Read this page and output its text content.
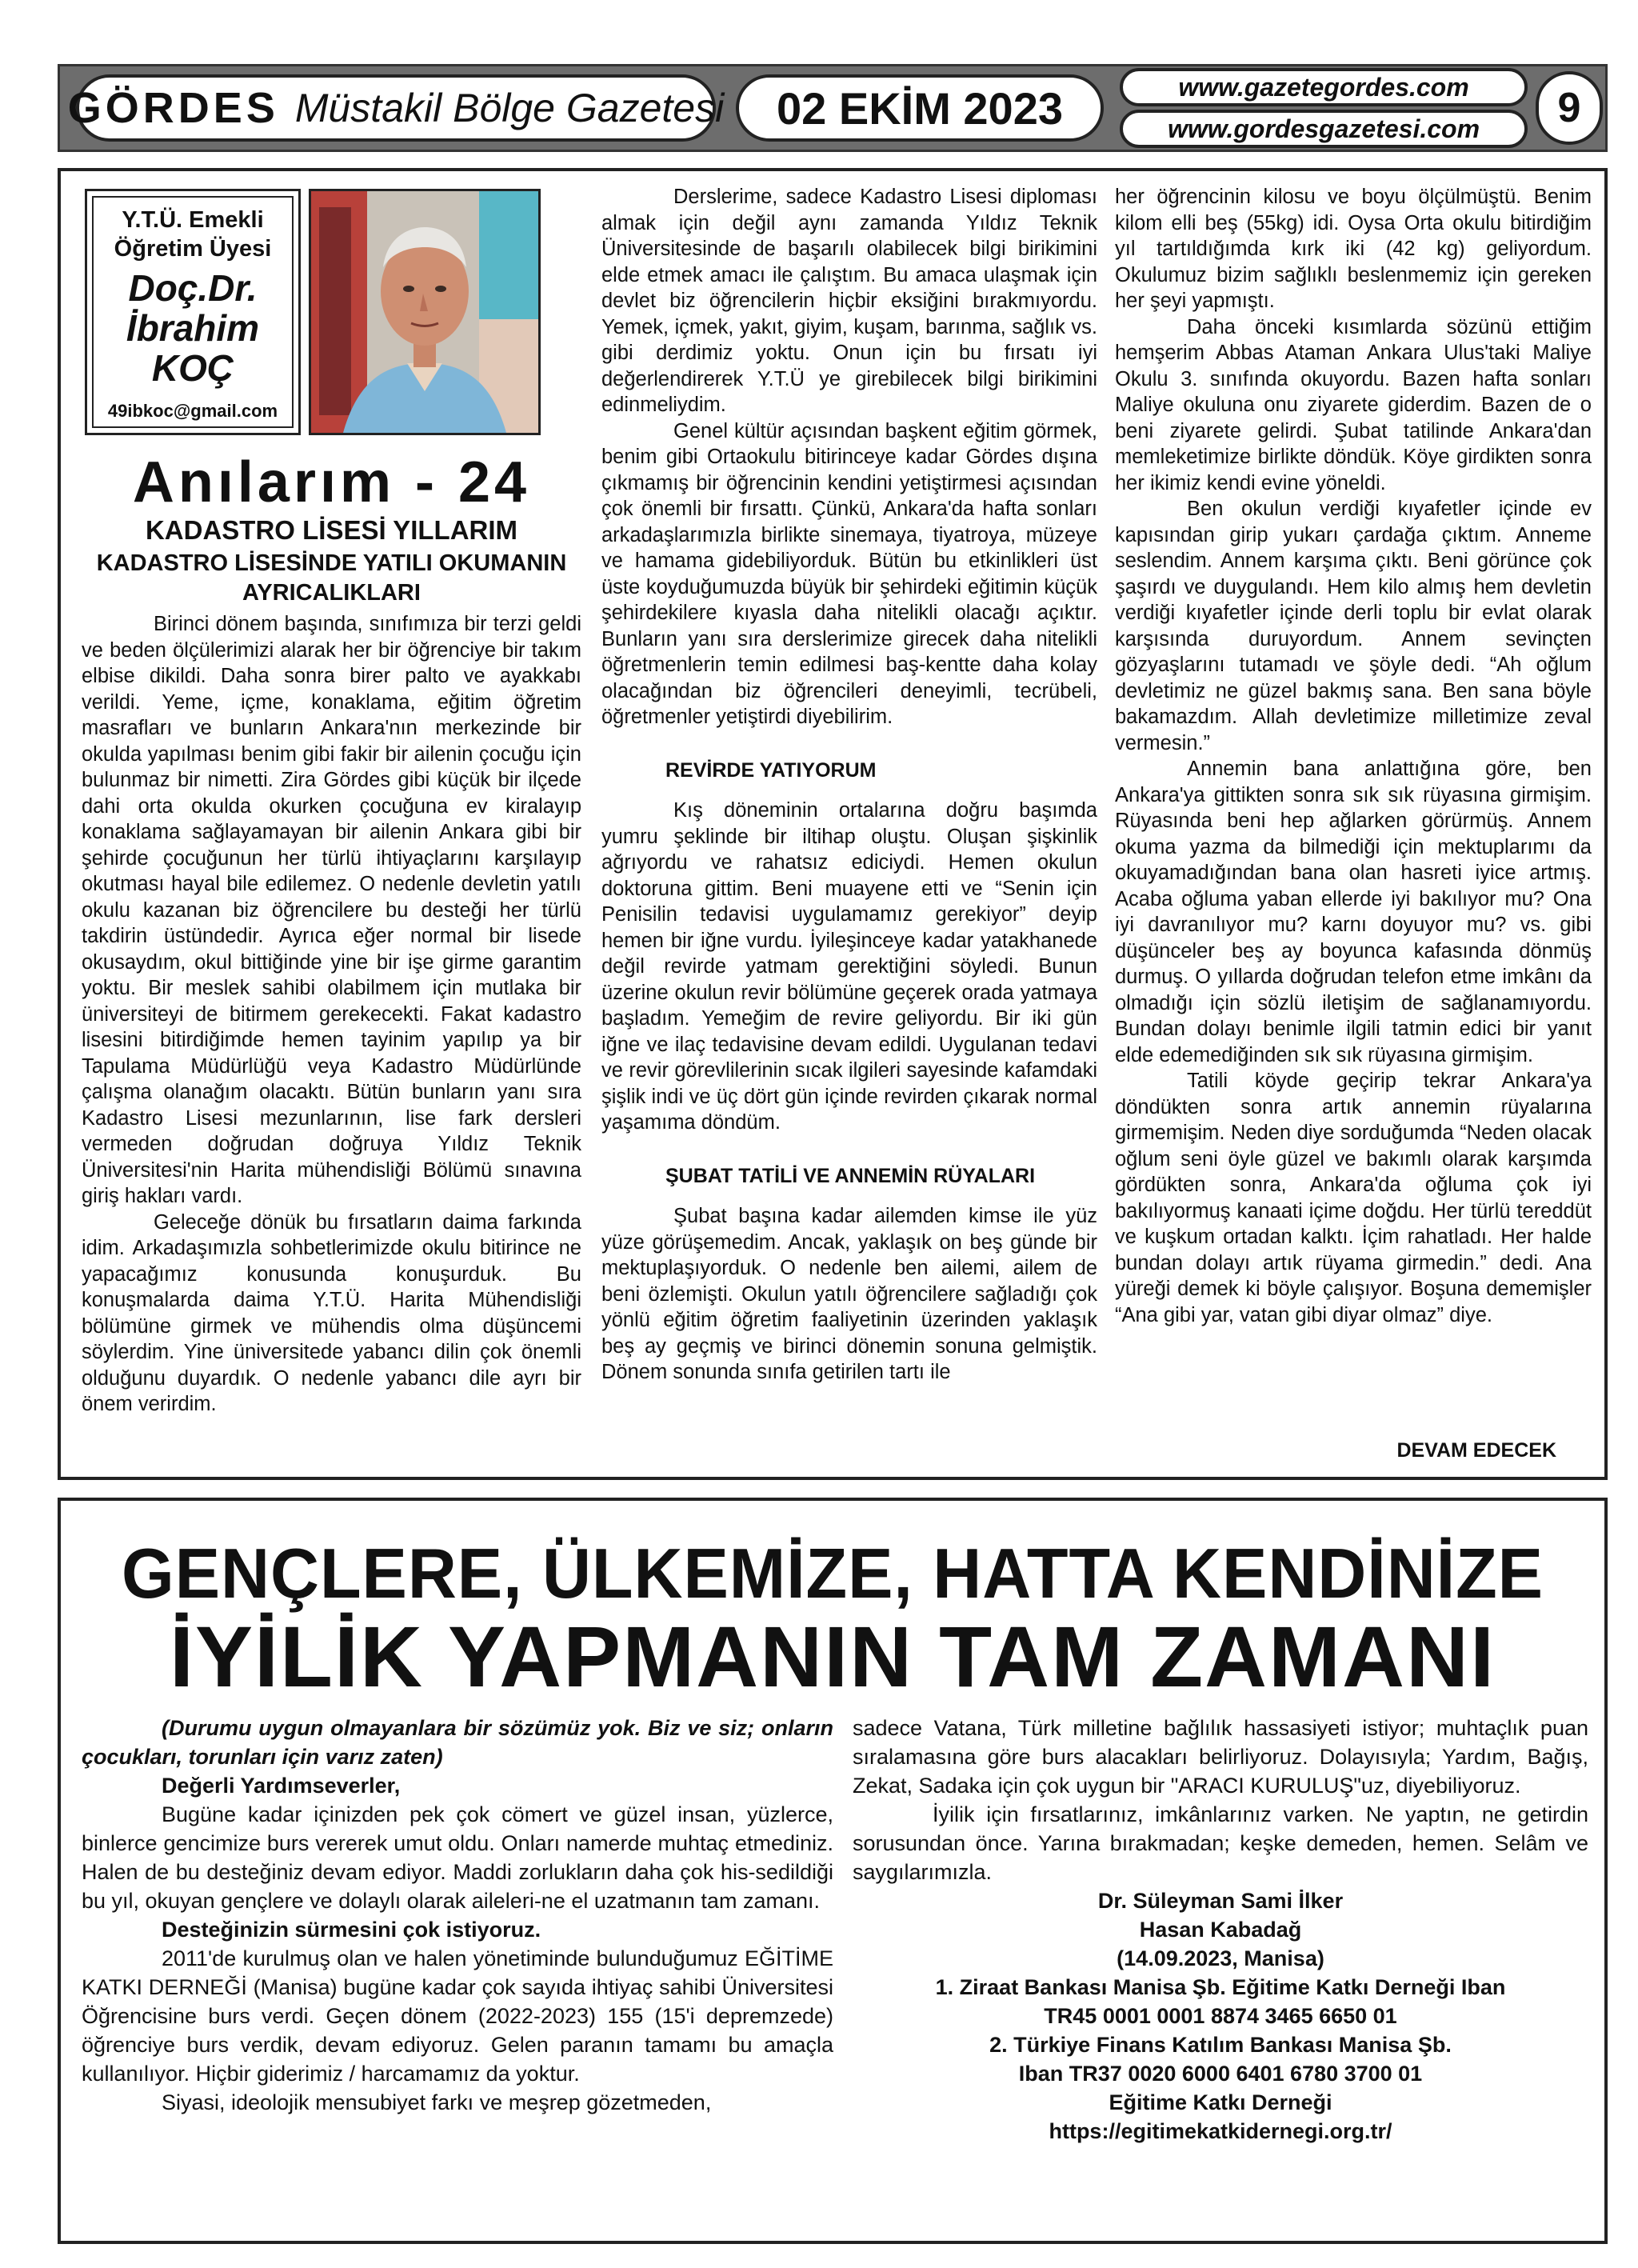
GÖRDES Müstakil Bölge Gazetesi	02 EKİM 2023	www.gazetegordes.com
www.gordesgazetesi.com	9
Y.T.Ü. Emekli
Öğretim Üyesi
Doç.Dr.
İbrahim
KOÇ
49ibkoc@gmail.com
Anılarım - 24
KADASTRO LİSESİ YILLARIM
KADASTRO LİSESİNDE YATILI OKUMANIN AYRICALIKLARI

Birinci dönem başında, sınıfımıza bir terzi geldi ve beden ölçülerimizi alarak her bir öğrenciye bir takım elbise dikildi. Daha sonra birer palto ve ayakkabı verildi. Yeme, içme, konaklama, eğitim öğretim masrafları ve bunların Ankara'nın merkezinde bir okulda yapılması benim gibi fakir bir ailenin çocuğu için bulunmaz bir nimetti. Zira Gördes gibi küçük bir ilçede dahi orta okulda okurken çocuğuna ev kiralayıp konaklama sağlayamayan bir ailenin Ankara gibi bir şehirde çocuğunun her türlü ihtiyaçlarını karşılayıp okutması hayal bile edilemez. O nedenle devletin yatılı okulu kazanan biz öğrencilere bu desteği her türlü takdirin üstündedir. Ayrıca eğer normal bir lisede okusaydım, okul bittiğinde yine bir işe girme garantim yoktu. Bir meslek sahibi olabilmem için mutlaka bir üniversiteyi de bitirmem gerekecekti. Fakat kadastro lisesini bitirdiğimde hemen tayinim yapılıp ya bir Tapulama Müdürlüğü veya Kadastro Müdürlünde çalışma olanağım olacaktı. Bütün bunların yanı sıra Kadastro Lisesi mezunlarının, lise fark dersleri vermeden doğrudan doğruya Yıldız Teknik Üniversitesi'nin Harita mühendisliği Bölümü sınavına giriş hakları vardı.

Geleceğe dönük bu fırsatların daima farkında idim. Arkadaşımızla sohbetlerimizde okulu bitirince ne yapacağımız konusunda konuşurduk. Bu konuşmalarda daima Y.T.Ü. Harita Mühendisliği bölümüne girmek ve mühendis olma düşüncemi söylerdim. Yine üniversitede yabancı dilin çok önemli olduğunu duyardık. O nedenle yabancı dile ayrı bir önem verirdim.

Derslerime, sadece Kadastro Lisesi diploması almak için değil aynı zamanda Yıldız Teknik Üniversitesinde de başarılı olabilecek bilgi birikimini elde etmek amacı ile çalıştım. Bu amaca ulaşmak için devlet biz öğrencilerin hiçbir eksiğini bırakmıyordu. Yemek, içmek, yakıt, giyim, kuşam, barınma, sağlık vs. gibi derdimiz yoktu. Onun için bu fırsatı iyi değerlendirerek Y.T.Ü ye girebilecek bilgi birikimini edinmeliydim.

Genel kültür açısından başkent eğitim görmek, benim gibi Ortaokulu bitirinceye kadar Gördes dışına çıkmamış bir öğrencinin kendini yetiştirmesi açısından çok önemli bir fırsattı. Çünkü, Ankara'da hafta sonları arkadaşlarımızla birlikte sinemaya, tiyatroya, müzeye ve hamama gidebiliyorduk. Bütün bu etkinlikleri üst üste koyduğumuzda büyük bir şehirdeki eğitimin küçük şehirdekilere kıyasla daha nitelikli olacağı açıktır. Bunların yanı sıra derslerimize girecek daha nitelikli öğretmenlerin temin edilmesi baş-kentte daha kolay olacağından biz öğrencileri deneyimli, tecrübeli, öğretmenler yetiştirdi diyebilirim.

REVİRDE YATIYORUM

Kış döneminin ortalarına doğru başımda yumru şeklinde bir iltihap oluştu. Oluşan şişkinlik ağrıyordu ve rahatsız ediciydi. Hemen okulun doktoruna gittim. Beni muayene etti ve “Senin için Penisilin tedavisi uygulamamız gerekiyor” deyip hemen bir iğne vurdu. İyileşinceye kadar yatakhanede değil revirde yatmam gerektiğini söyledi. Bunun üzerine okulun revir bölümüne geçerek orada yatmaya başladım. Yemeğim de revire geliyordu. Bir iki gün iğne ve ilaç tedavisine devam edildi. Uygulanan tedavi ve revir görevlilerinin sıcak ilgileri sayesinde kafamdaki şişlik indi ve üç dört gün içinde revirden çıkarak normal yaşamıma döndüm.

ŞUBAT TATİLİ VE ANNEMİN RÜYALARI

Şubat başına kadar ailemden kimse ile yüz yüze görüşemedim. Ancak, yaklaşık on beş günde bir mektuplaşıyorduk. O nedenle ben ailemi, ailem de beni özlemişti. Okulun yatılı öğrencilere sağladığı çok yönlü eğitim öğretim faaliyetinin üzerinden yaklaşık beş ay geçmiş ve birinci dönemin sonuna gelmiştik. Dönem sonunda sınıfa getirilen tartı ile

her öğrencinin kilosu ve boyu ölçülmüştü. Benim kilom elli beş (55kg) idi. Oysa Orta okulu bitirdiğim yıl tartıldığımda kırk iki (42 kg) geliyordum. Okulumuz bizim sağlıklı beslenmemiz için gereken her şeyi yapmıştı.

Daha önceki kısımlarda sözünü ettiğim hemşerim Abbas Ataman Ankara Ulus'taki Maliye Okulu 3. sınıfında okuyordu. Bazen hafta sonları Maliye okuluna onu ziyarete giderdim. Bazen de o beni ziyarete gelirdi. Şubat tatilinde Ankara'dan memleketimize birlikte döndük. Köye girdikten sonra her ikimiz kendi evine yöneldi.

Ben okulun verdiği kıyafetler içinde ev kapısından girip yukarı çardağa çıktım. Anneme seslendim. Annem karşıma çıktı. Beni görünce çok şaşırdı ve duygulandı. Hem kilo almış hem devletin verdiği kıyafetler içinde derli toplu bir evlat olarak karşısında duruyordum. Annem sevinçten gözyaşlarını tutamadı ve şöyle dedi. “Ah oğlum devletimiz ne güzel bakmış sana. Ben sana böyle bakamazdım. Allah devletimize milletimize zeval vermesin.”

Annemin bana anlattığına göre, ben Ankara'ya gittikten sonra sık sık rüyasına girmişim. Rüyasında beni hep ağlarken görürmüş. Annem okuma yazma da bilmediği için mektuplarımı da okuyamadığından bana olan hasreti iyice artmış. Acaba oğluma yaban ellerde iyi bakılıyor mu? Ona iyi davranılıyor mu? karnı doyuyor mu? vs. gibi düşünceler beş ay boyunca kafasında dönmüş durmuş. O yıllarda doğrudan telefon etme imkânı da olmadığı için sözlü iletişim de sağlanamıyordu. Bundan dolayı benimle ilgili tatmin edici bir yanıt elde edemediğinden sık sık rüyasına girmişim.

Tatili köyde geçirip tekrar Ankara'ya döndükten sonra artık annemin rüyalarına girmemişim. Neden diye sorduğumda “Neden olacak oğlum seni öyle güzel ve bakımlı olarak karşımda gördükten sonra, Ankara'da oğluma çok iyi bakılıyormuş kanaati içime doğdu. Her türlü tereddüt ve kuşkum ortadan kalktı. İçim rahatladı. Her halde bundan dolayı artık rüyama girmedin.” dedi. Ana yüreği demek ki böyle çalışıyor. Boşuna dememişler “Ana gibi yar, vatan gibi diyar olmaz” diye.

DEVAM EDECEK
GENÇLERE, ÜLKEMİZE, HATTA KENDİNİZE
İYİLİK YAPMANIN TAM ZAMANI

(Durumu uygun olmayanlara bir sözümüz yok. Biz ve siz; onların çocukları, torunları için varız zaten)

Değerli Yardımseverler,

Bugüne kadar içinizden pek çok cömert ve güzel insan, yüzlerce, binlerce gencimize burs vererek umut oldu. Onları namerde muhtaç etmediniz. Halen de bu desteğiniz devam ediyor. Maddi zorlukların daha çok his-sedildiği bu yıl, okuyan gençlere ve dolaylı olarak aileleri-ne el uzatmanın tam zamanı.

Desteğinizin sürmesini çok istiyoruz.

2011'de kurulmuş olan ve halen yönetiminde bulunduğumuz EĞİTİME KATKI DERNEĞİ (Manisa) bugüne kadar çok sayıda ihtiyaç sahibi Üniversitesi Öğrencisine burs verdi. Geçen dönem (2022-2023) 155 (15'i depremzede) öğrenciye burs verdik, devam ediyoruz. Gelen paranın tamamı bu amaçla kullanılıyor. Hiçbir giderimiz / harcamamız da yoktur.

Siyasi, ideolojik mensubiyet farkı ve meşrep gözetmeden,

sadece Vatana, Türk milletine bağlılık hassasiyeti istiyor; muhtaçlık puan sıralamasına göre burs alacakları belirliyoruz. Dolayısıyla; Yardım, Bağış, Zekat, Sadaka için çok uygun bir "ARACI KURULUŞ"uz, diyebiliyoruz.

İyilik için fırsatlarınız, imkânlarınız varken. Ne yaptın, ne getirdin sorusundan önce. Yarına bırakmadan; keşke demeden, hemen. Selâm ve saygılarımızla.

Dr. Süleyman Sami İlker

Hasan Kabadağ

(14.09.2023, Manisa)

1. Ziraat Bankası Manisa Şb. Eğitime Katkı Derneği Iban

TR45 0001 0001 8874 3465 6650 01

2. Türkiye Finans Katılım Bankası Manisa Şb.

Iban TR37 0020 6000 6401 6780 3700 01

Eğitime Katkı Derneği

https://egitimekatkidernegi.org.tr/
